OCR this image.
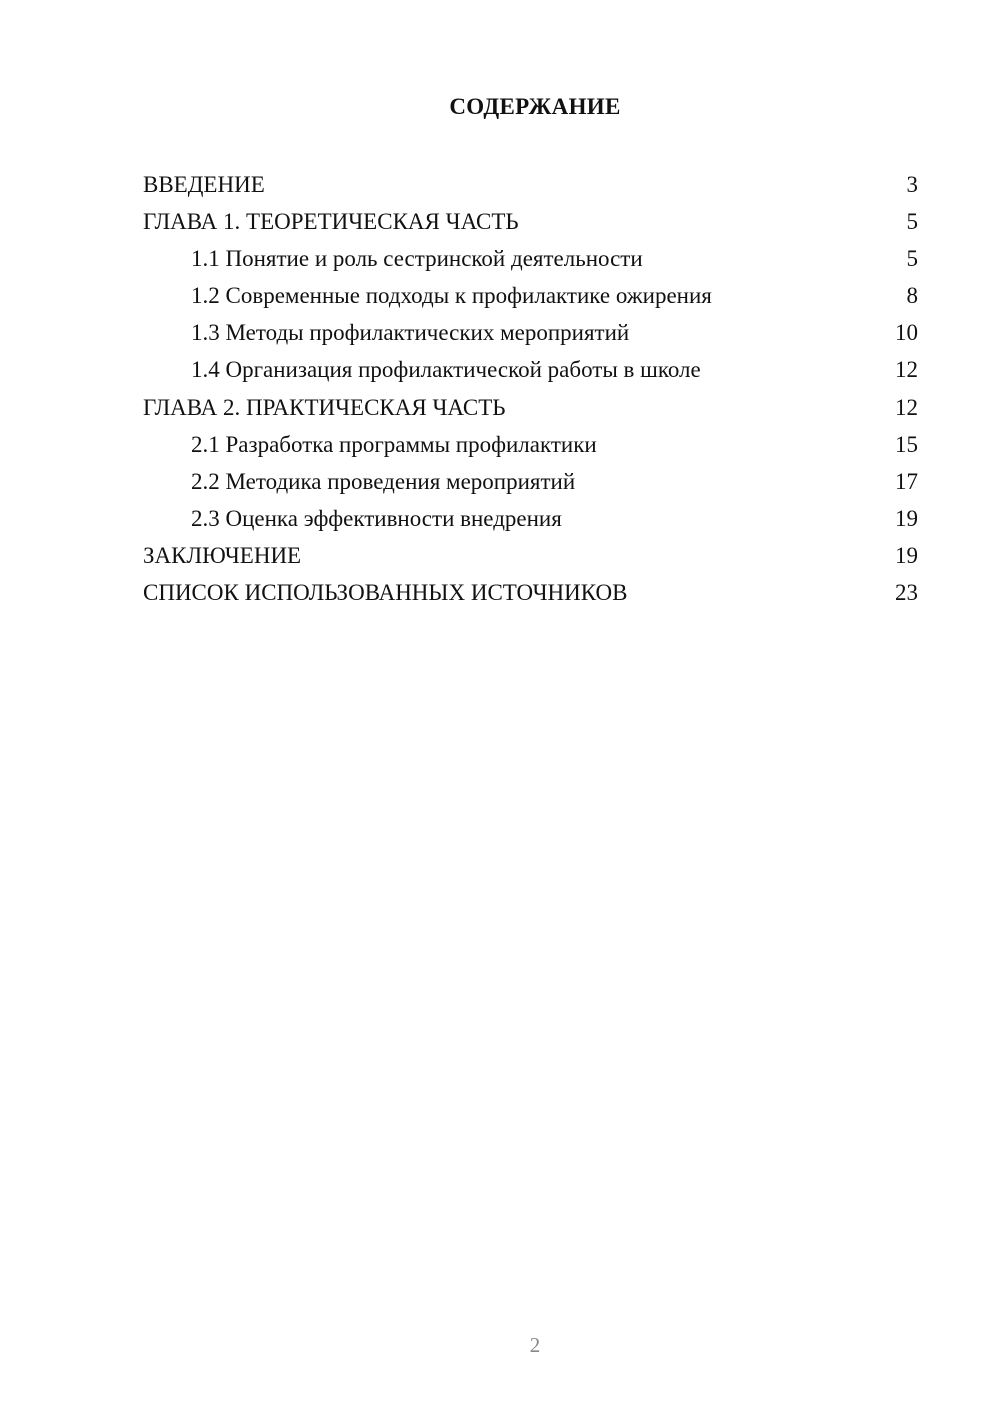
СОДЕРЖАНИЕ
ВВЕДЕНИЕ	3
ГЛАВА 1. ТЕОРЕТИЧЕСКАЯ ЧАСТЬ	5
1.1 Понятие и роль сестринской деятельности	5
1.2 Современные подходы к профилактике ожирения	8
1.3 Методы профилактических мероприятий	10
1.4 Организация профилактической работы в школе	12
ГЛАВА 2. ПРАКТИЧЕСКАЯ ЧАСТЬ	12
2.1 Разработка программы профилактики	15
2.2 Методика проведения мероприятий	17
2.3 Оценка эффективности внедрения	19
ЗАКЛЮЧЕНИЕ	19
СПИСОК ИСПОЛЬЗОВАННЫХ ИСТОЧНИКОВ	23
2
